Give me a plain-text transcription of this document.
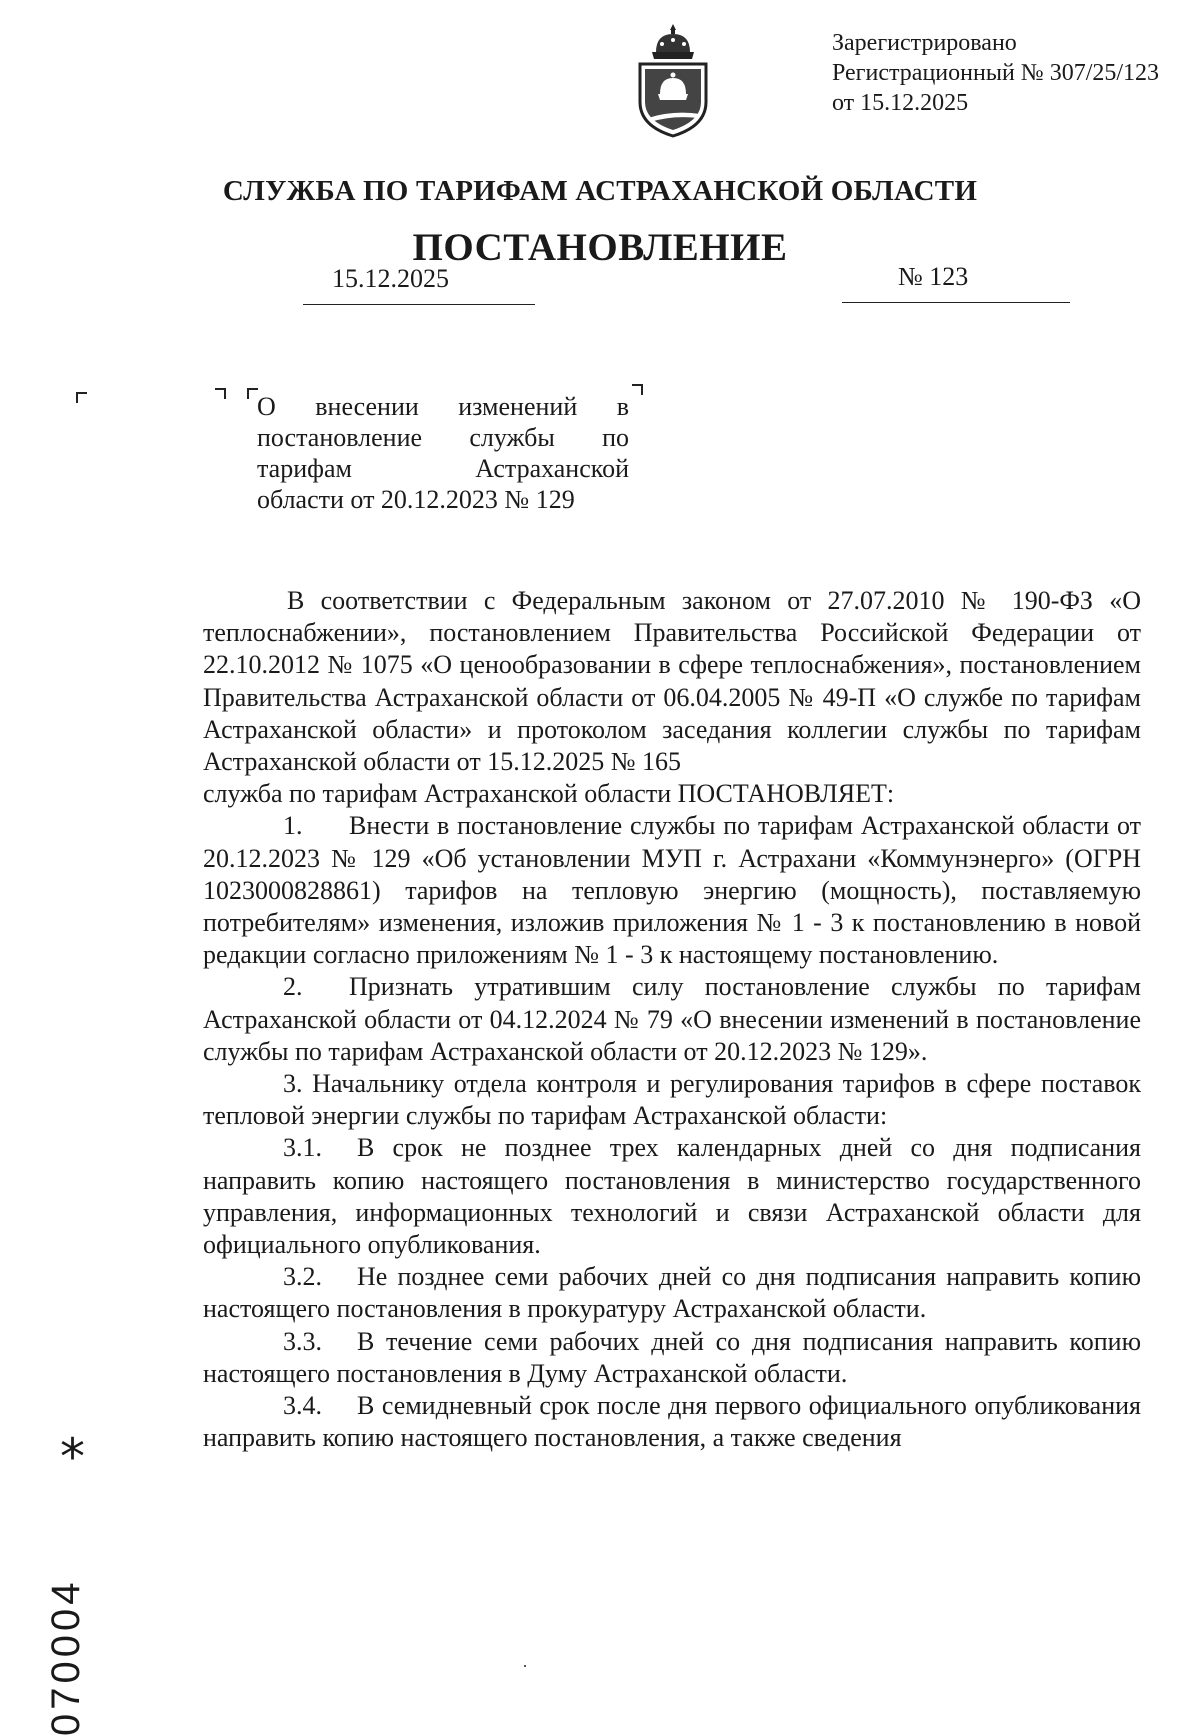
Зарегистрировано
Регистрационный № 307/25/123
от 15.12.2025
СЛУЖБА ПО ТАРИФАМ АСТРАХАНСКОЙ ОБЛАСТИ
ПОСТАНОВЛЕНИЕ
15.12.2025	№ 123
О внесении изменений в
постановление службы по
тарифам Астраханской
области от 20.12.2023 № 129

В соответствии с Федеральным законом от 27.07.2010 № 190-ФЗ «О теплоснабжении», постановлением Правительства Российской Федерации от 22.10.2012 № 1075 «О ценообразовании в сфере теплоснабжения», постановлением Правительства Астраханской области от 06.04.2005 № 49-П «О службе по тарифам Астраханской области» и протоколом заседания коллегии службы по тарифам Астраханской области от 15.12.2025 № 165

служба по тарифам Астраханской области ПОСТАНОВЛЯЕТ:

1. Внести в постановление службы по тарифам Астраханской области от 20.12.2023 № 129 «Об установлении МУП г. Астрахани «Коммунэнерго» (ОГРН 1023000828861) тарифов на тепловую энергию (мощность), поставляемую потребителям» изменения, изложив приложения № 1 - 3 к постановлению в новой редакции согласно приложениям № 1 - 3 к настоящему постановлению.

2. Признать утратившим силу постановление службы по тарифам Астраханской области от 04.12.2024 № 79 «О внесении изменений в постановление службы по тарифам Астраханской области от 20.12.2023 № 129».

3. Начальнику отдела контроля и регулирования тарифов в сфере поставок тепловой энергии службы по тарифам Астраханской области:

3.1. В срок не позднее трех календарных дней со дня подписания направить копию настоящего постановления в министерство государственного управления, информационных технологий и связи Астраханской области для официального опубликования.

3.2. Не позднее семи рабочих дней со дня подписания направить копию настоящего постановления в прокуратуру Астраханской области.

3.3. В течение семи рабочих дней со дня подписания направить копию настоящего постановления в Думу Астраханской области.

3.4. В семидневный срок после дня первого официального опубликования направить копию настоящего постановления, а также сведения

*
070004
